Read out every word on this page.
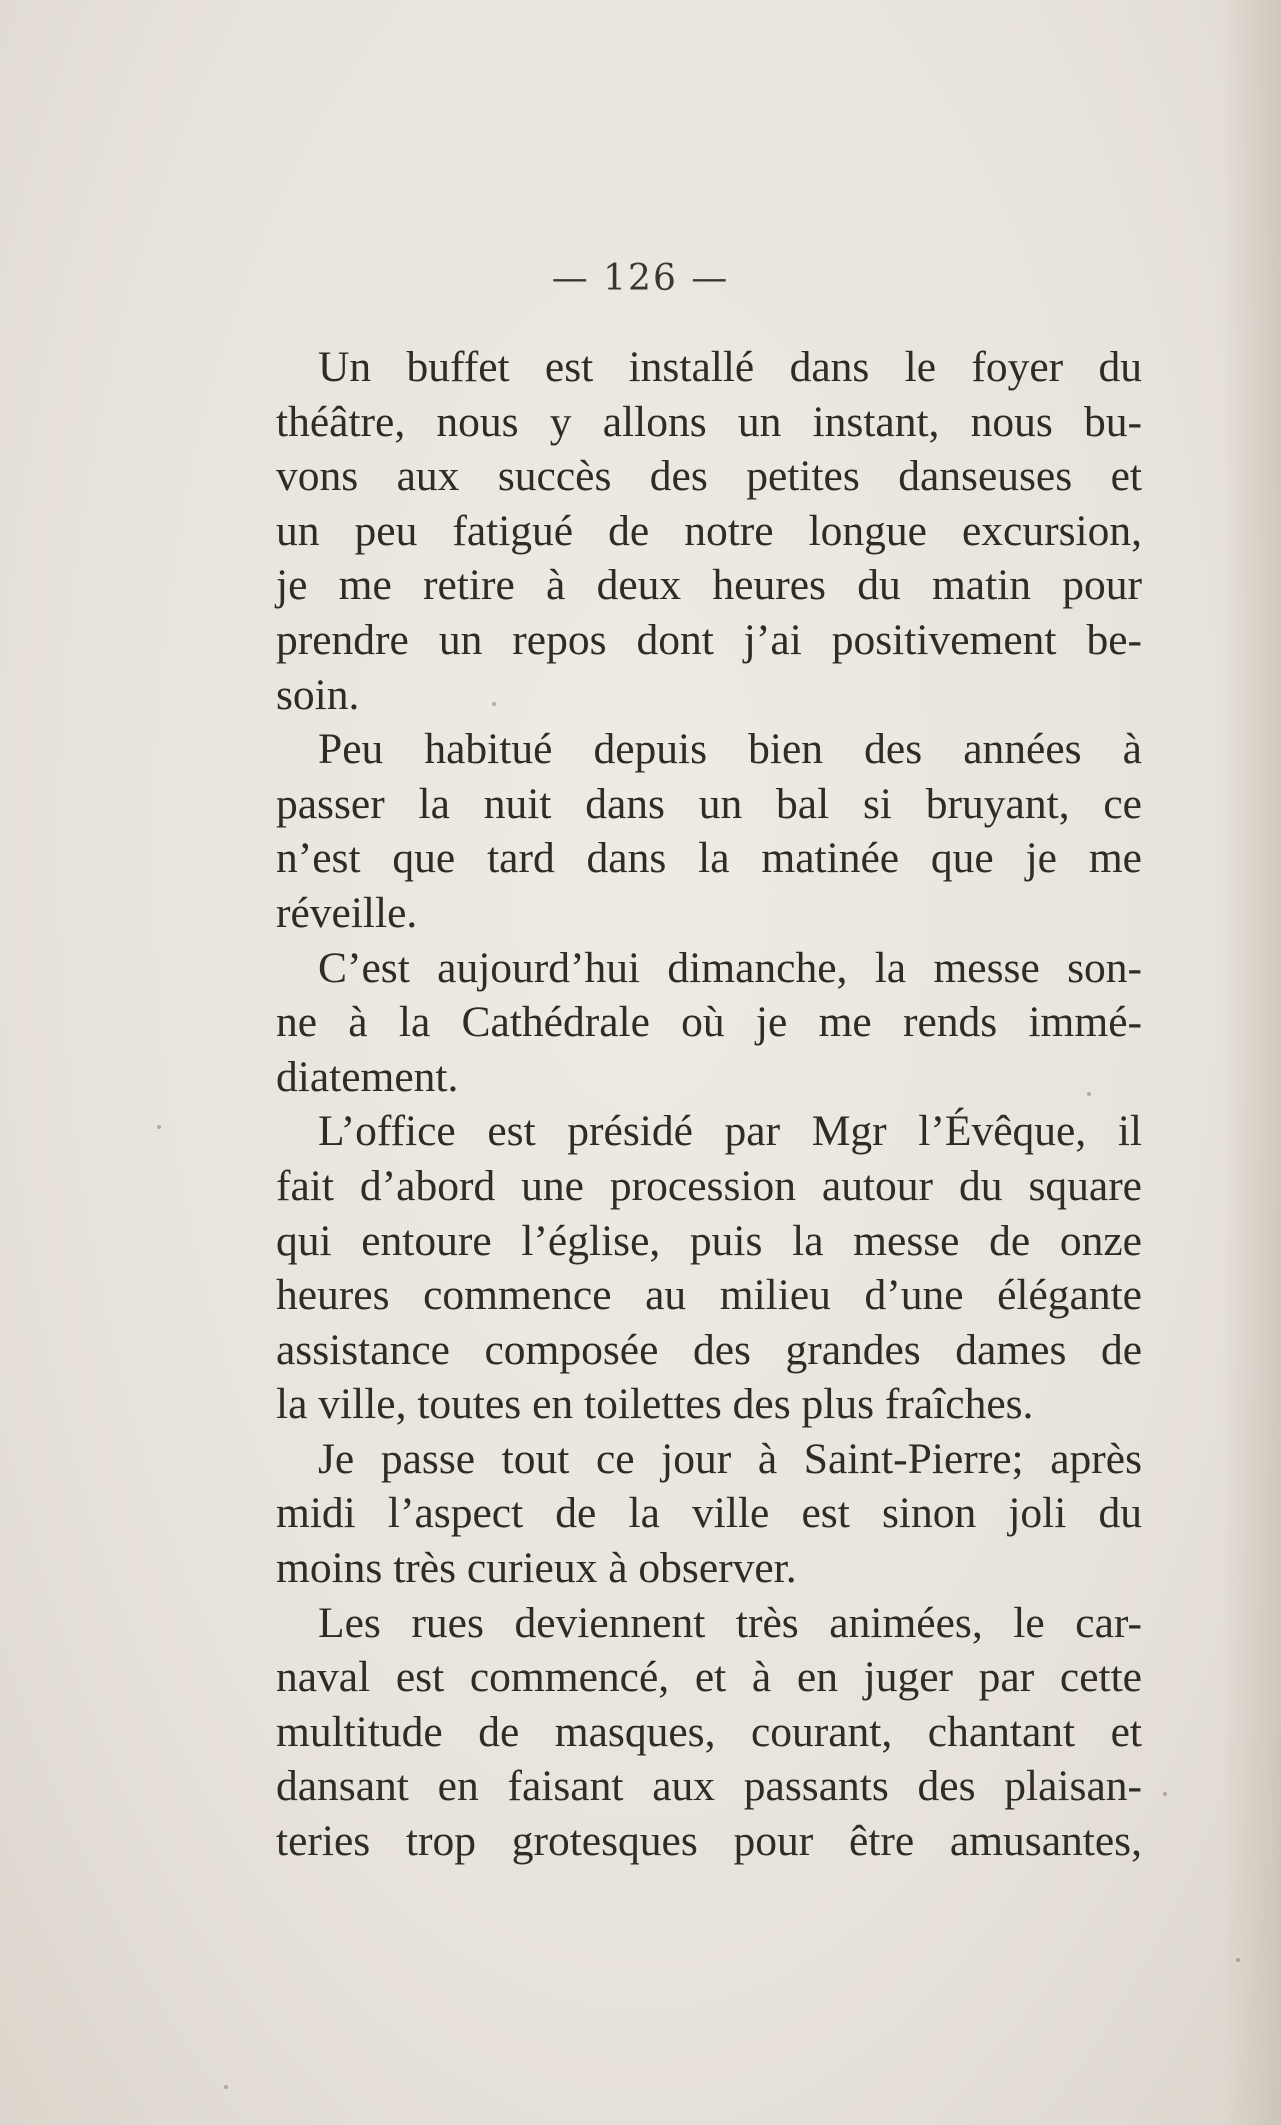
— 126 —
Un buffet est installé dans le foyer du
théâtre, nous y allons un instant, nous bu-
vons aux succès des petites danseuses et
un peu fatigué de notre longue excursion,
je me retire à deux heures du matin pour
prendre un repos dont j’ai positivement be-
soin.
Peu habitué depuis bien des années à
passer la nuit dans un bal si bruyant, ce
n’est que tard dans la matinée que je me
réveille.
C’est aujourd’hui dimanche, la messe son-
ne à la Cathédrale où je me rends immé-
diatement.
L’office est présidé par Mgr l’Évêque, il
fait d’abord une procession autour du square
qui entoure l’église, puis la messe de onze
heures commence au milieu d’une élégante
assistance composée des grandes dames de
la ville, toutes en toilettes des plus fraîches.
Je passe tout ce jour à Saint-Pierre; après
midi l’aspect de la ville est sinon joli du
moins très curieux à observer.
Les rues deviennent très animées, le car-
naval est commencé, et à en juger par cette
multitude de masques, courant, chantant et
dansant en faisant aux passants des plaisan-
teries trop grotesques pour être amusantes,
